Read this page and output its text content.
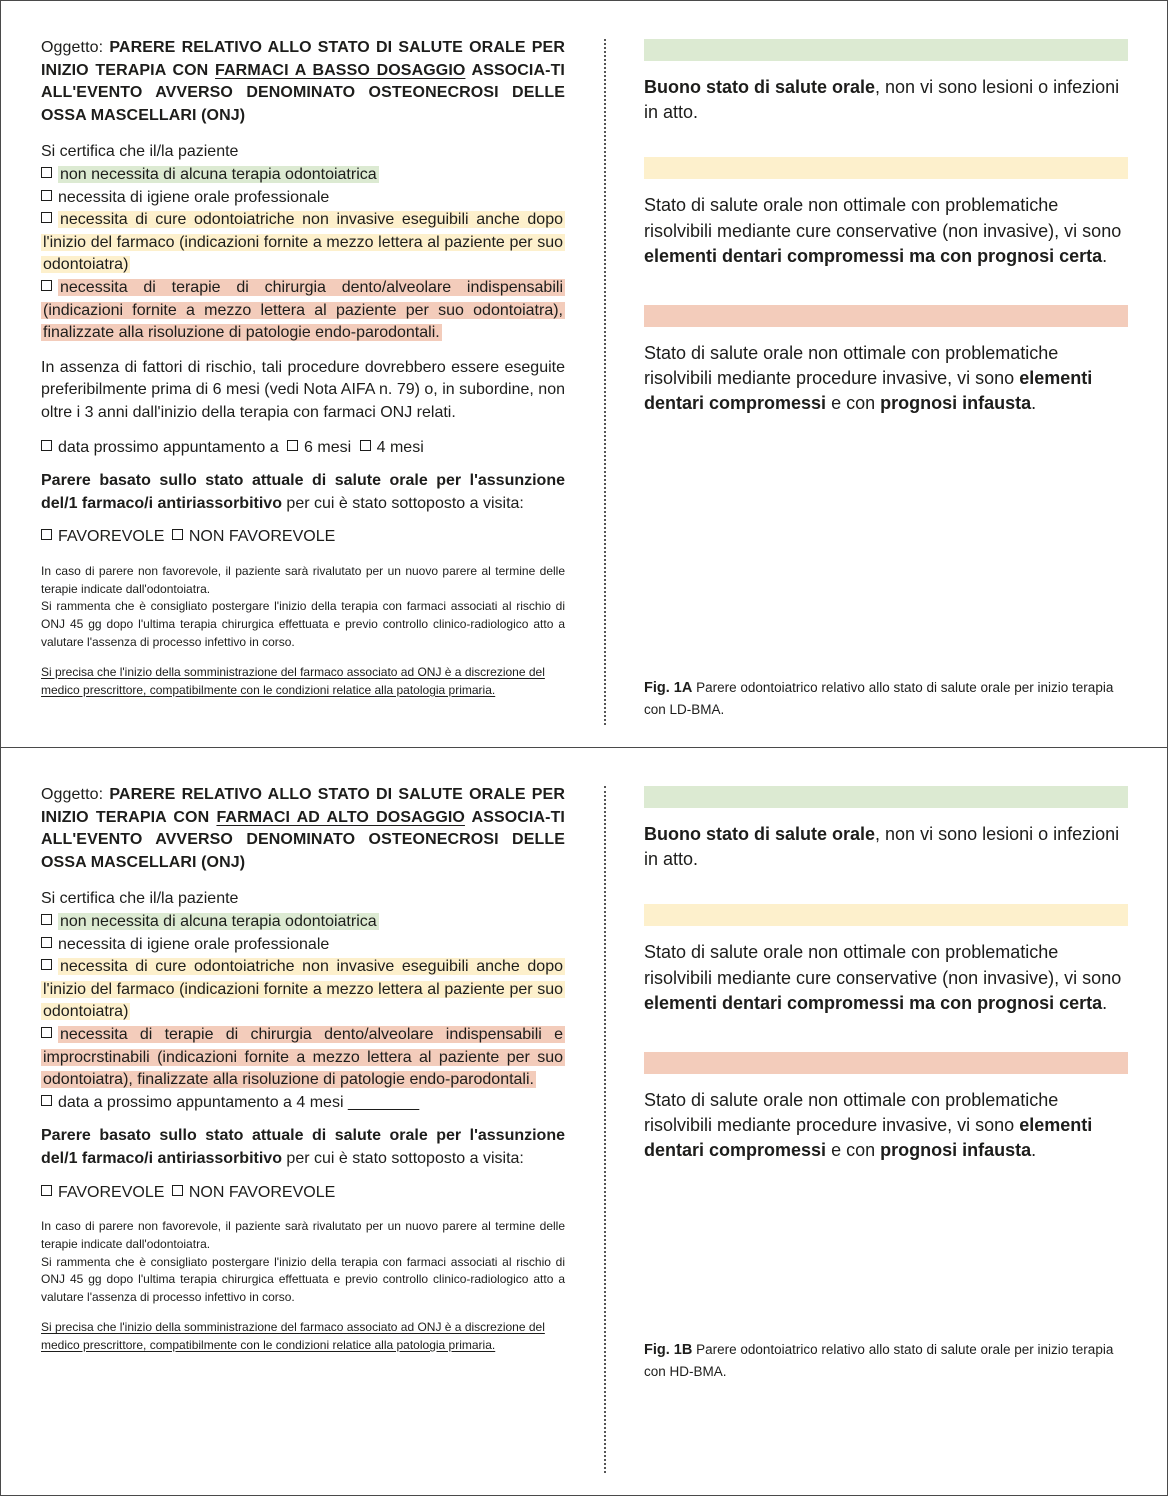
Oggetto: PARERE RELATIVO ALLO STATO DI SALUTE ORALE PER INIZIO TERAPIA CON FARMACI A BASSO DOSAGGIO ASSOCIA-TI ALL'EVENTO AVVERSO DENOMINATO OSTEONECROSI DELLE OSSA MASCELLARI (ONJ)

Si certifica che il/la paziente
non necessita di alcuna terapia odontoiatrica
necessita di igiene orale professionale

necessita di cure odontoiatriche non invasive eseguibili anche dopo l'inizio del farmaco (indicazioni fornite a mezzo lettera al paziente per suo odontoiatra)

necessita di terapie di chirurgia dento/alveolare indispensabili (indicazioni fornite a mezzo lettera al paziente per suo odontoiatra), finalizzate alla risoluzione di patologie endo-parodontali.

In assenza di fattori di rischio, tali procedure dovrebbero essere eseguite preferibilmente prima di 6 mesi (vedi Nota AIFA n. 79) o, in subordine, non oltre i 3 anni dall'inizio della terapia con farmaci ONJ relati.

data prossimo appuntamento a 6 mesi 4 mesi

Parere basato sullo stato attuale di salute orale per l'assunzione del/1 farmaco/i antiriassorbitivo per cui è stato sottoposto a visita:

FAVOREVOLE NON FAVOREVOLE

In caso di parere non favorevole, il paziente sarà rivalutato per un nuovo parere al termine delle terapie indicate dall'odontoiatra.

Si rammenta che è consigliato postergare l'inizio della terapia con farmaci associati al rischio di ONJ 45 gg dopo l'ultima terapia chirurgica effettuata e previo controllo clinico-radiologico atto a valutare l'assenza di processo infettivo in corso.

Si precisa che l'inizio della somministrazione del farmaco associato ad ONJ è a discrezione del medico prescrittore, compatibilmente con le condizioni relatice alla patologia primaria.

Buono stato di salute orale, non vi sono lesioni o infezioni in atto.

Stato di salute orale non ottimale con problematiche risolvibili mediante cure conservative (non invasive), vi sono elementi dentari compromessi ma con prognosi certa.

Stato di salute orale non ottimale con problematiche risolvibili mediante procedure invasive, vi sono elementi dentari compromessi e con prognosi infausta.

Fig. 1A Parere odontoiatrico relativo allo stato di salute orale per inizio terapia con LD-BMA.

Oggetto: PARERE RELATIVO ALLO STATO DI SALUTE ORALE PER INIZIO TERAPIA CON FARMACI AD ALTO DOSAGGIO ASSOCIA-TI ALL'EVENTO AVVERSO DENOMINATO OSTEONECROSI DELLE OSSA MASCELLARI (ONJ)

Si certifica che il/la paziente
non necessita di alcuna terapia odontoiatrica
necessita di igiene orale professionale

necessita di cure odontoiatriche non invasive eseguibili anche dopo l'inizio del farmaco (indicazioni fornite a mezzo lettera al paziente per suo odontoiatra)

necessita di terapie di chirurgia dento/alveolare indispensabili e improcrstinabili (indicazioni fornite a mezzo lettera al paziente per suo odontoiatra), finalizzate alla risoluzione di patologie endo-parodontali.

data a prossimo appuntamento a 4 mesi ________

Parere basato sullo stato attuale di salute orale per l'assunzione del/1 farmaco/i antiriassorbitivo per cui è stato sottoposto a visita:

FAVOREVOLE NON FAVOREVOLE

In caso di parere non favorevole, il paziente sarà rivalutato per un nuovo parere al termine delle terapie indicate dall'odontoiatra.

Si rammenta che è consigliato postergare l'inizio della terapia con farmaci associati al rischio di ONJ 45 gg dopo l'ultima terapia chirurgica effettuata e previo controllo clinico-radiologico atto a valutare l'assenza di processo infettivo in corso.

Si precisa che l'inizio della somministrazione del farmaco associato ad ONJ è a discrezione del medico prescrittore, compatibilmente con le condizioni relatice alla patologia primaria.

Buono stato di salute orale, non vi sono lesioni o infezioni in atto.

Stato di salute orale non ottimale con problematiche risolvibili mediante cure conservative (non invasive), vi sono elementi dentari compromessi ma con prognosi certa.

Stato di salute orale non ottimale con problematiche risolvibili mediante procedure invasive, vi sono elementi dentari compromessi e con prognosi infausta.

Fig. 1B Parere odontoiatrico relativo allo stato di salute orale per inizio terapia con HD-BMA.
